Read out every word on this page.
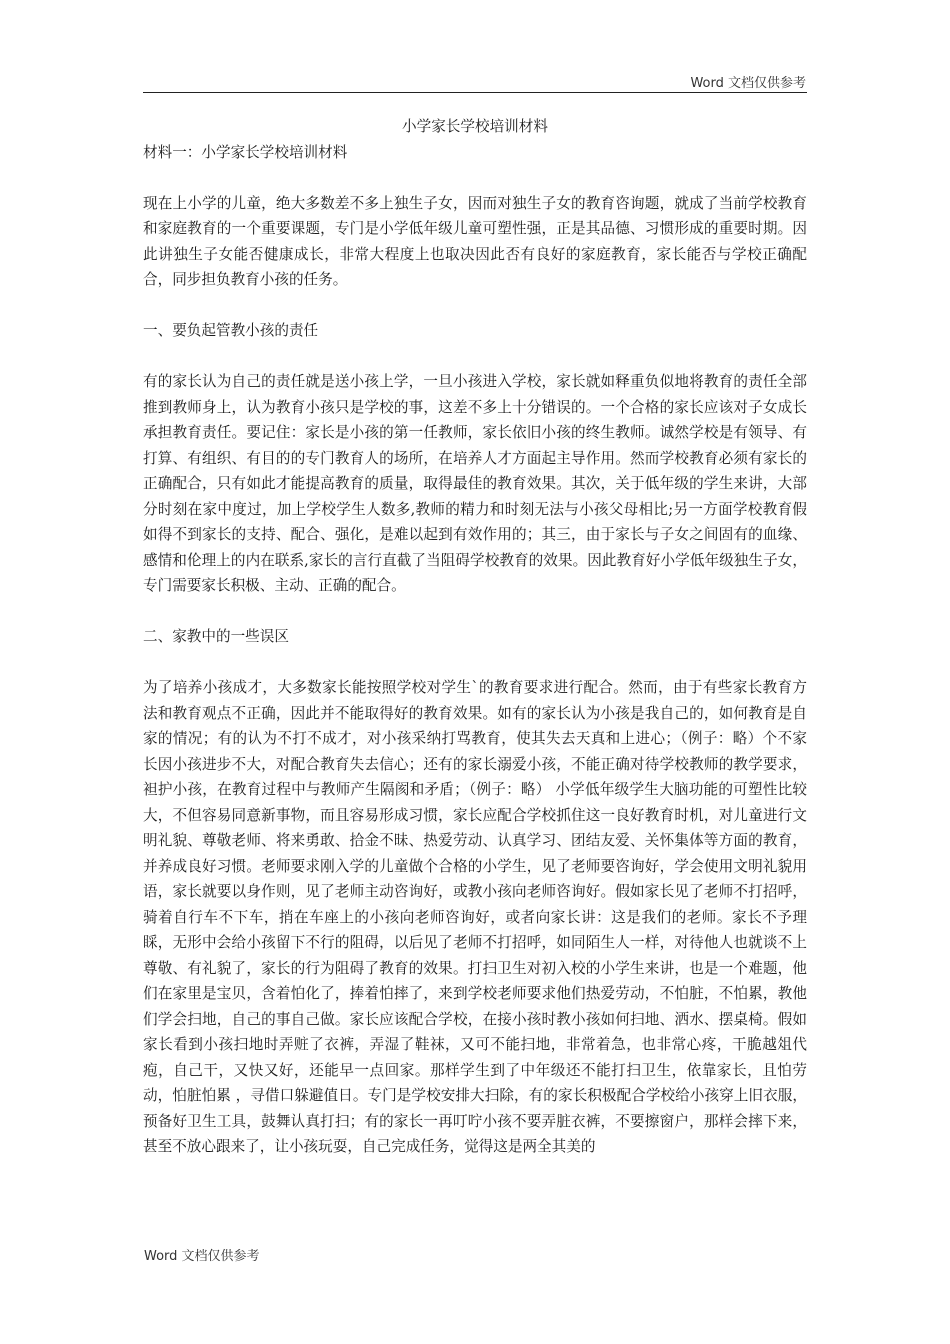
Word 文档仅供参考

小学家长学校培训材料

材料一：小学家长学校培训材料

现在上小学的儿童，绝大多数差不多上独生子女，因而对独生子女的教育咨询题，就成了当前学校教育和家庭教育的一个重要课题，专门是小学低年级儿童可塑性强，正是其品德、习惯形成的重要时期。因此讲独生子女能否健康成长，非常大程度上也取决因此否有良好的家庭教育，家长能否与学校正确配合，同步担负教育小孩的任务。

一、要负起管教小孩的责任

有的家长认为自己的责任就是送小孩上学，一旦小孩进入学校，家长就如释重负似地将教育的责任全部推到教师身上，认为教育小孩只是学校的事，这差不多上十分错误的。一个合格的家长应该对子女成长承担教育责任。要记住：家长是小孩的第一任教师，家长依旧小孩的终生教师。诚然学校是有领导、有打算、有组织、有目的的专门教育人的场所，在培养人才方面起主导作用。然而学校教育必须有家长的正确配合，只有如此才能提高教育的质量，取得最佳的教育效果。其次，关于低年级的学生来讲，大部分时刻在家中度过，加上学校学生人数多,教师的精力和时刻无法与小孩父母相比;另一方面学校教育假如得不到家长的支持、配合、强化，是难以起到有效作用的；其三，由于家长与子女之间固有的血缘、感情和伦理上的内在联系,家长的言行直截了当阻碍学校教育的效果。因此教育好小学低年级独生子女，专门需要家长积极、主动、正确的配合。

二、家教中的一些误区

为了培养小孩成才，大多数家长能按照学校对学生`的教育要求进行配合。然而，由于有些家长教育方法和教育观点不正确，因此并不能取得好的教育效果。如有的家长认为小孩是我自己的，如何教育是自家的情况；有的认为不打不成才，对小孩采纳打骂教育，使其失去天真和上进心；（例子：略）个不家长因小孩进步不大，对配合教育失去信心；还有的家长溺爱小孩，不能正确对待学校教师的教学要求，袒护小孩，在教育过程中与教师产生隔阂和矛盾；（例子：略） 小学低年级学生大脑功能的可塑性比较大，不但容易同意新事物，而且容易形成习惯，家长应配合学校抓住这一良好教育时机，对儿童进行文明礼貌、尊敬老师、将来勇敢、拾金不昧、热爱劳动、认真学习、团结友爱、关怀集体等方面的教育，并养成良好习惯。老师要求刚入学的儿童做个合格的小学生，见了老师要咨询好，学会使用文明礼貌用语，家长就要以身作则，见了老师主动咨询好，或教小孩向老师咨询好。假如家长见了老师不打招呼，骑着自行车不下车，捎在车座上的小孩向老师咨询好，或者向家长讲：这是我们的老师。家长不予理睬，无形中会给小孩留下不行的阻碍，以后见了老师不打招呼，如同陌生人一样，对待他人也就谈不上尊敬、有礼貌了，家长的行为阻碍了教育的效果。打扫卫生对初入校的小学生来讲，也是一个难题，他们在家里是宝贝，含着怕化了，捧着怕摔了，来到学校老师要求他们热爱劳动，不怕脏，不怕累，教他们学会扫地，自己的事自己做。家长应该配合学校，在接小孩时教小孩如何扫地、洒水、摆桌椅。假如家长看到小孩扫地时弄赃了衣裤，弄湿了鞋袜，又可不能扫地，非常着急，也非常心疼，干脆越俎代疱，自己干，又快又好，还能早一点回家。那样学生到了中年级还不能打扫卫生，依靠家长，且怕劳动，怕脏怕累 ，寻借口躲避值日。专门是学校安排大扫除，有的家长积极配合学校给小孩穿上旧衣服，预备好卫生工具，鼓舞认真打扫；有的家长一再叮咛小孩不要弄脏衣裤，不要擦窗户，那样会摔下来，甚至不放心跟来了，让小孩玩耍，自己完成任务，觉得这是两全其美的

Word 文档仅供参考
